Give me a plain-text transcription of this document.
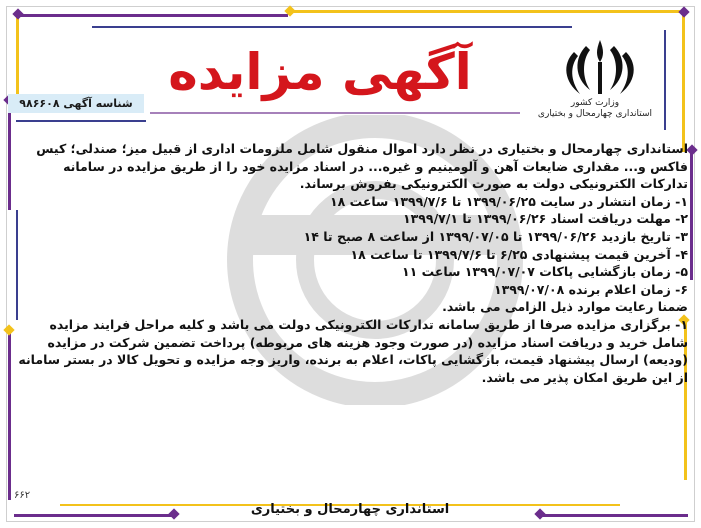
آگهی مزایده
وزارت کشور
استانداری چهارمحال و بختیاری
شناسه آگهی ۹۸۶۶۰۸

استانداری چهارمحال و بختیاری در نظر دارد اموال منقول شامل ملزومات اداری از قبیل میز؛ صندلی؛ کیس فاکس و... مقداری ضایعات آهن و آلومینیم و غیره... در اسناد مزایده خود را از طریق مزایده در سامانه تدارکات الکترونیکی دولت به صورت الکترونیکی بفروش برساند.

۱- زمان انتشار در سایت ۱۳۹۹/۰۶/۲۵ تا ۱۳۹۹/۷/۶ ساعت ۱۸

۲- مهلت دریافت اسناد ۱۳۹۹/۰۶/۲۶ تا ۱۳۹۹/۷/۱

۳- تاریخ بازدید ۱۳۹۹/۰۶/۲۶ تا ۱۳۹۹/۰۷/۰۵ از ساعت ۸ صبح تا ۱۴

۴- آخرین قیمت پیشنهادی ۶/۲۵ تا ۱۳۹۹/۷/۶ تا ساعت ۱۸

۵- زمان بازگشایی پاکات ۱۳۹۹/۰۷/۰۷ ساعت ۱۱

۶- زمان اعلام برنده ۱۳۹۹/۰۷/۰۸

ضمنا رعایت موارد ذیل الزامی می باشد.

۱- برگزاری مزایده صرفا از طریق سامانه تدارکات الکترونیکی دولت می باشد و کلیه مراحل فرایند مزایده شامل خرید و دریافت اسناد مزایده (در صورت وجود هزینه های مربوطه) پرداخت تضمین شرکت در مزایده (ودیعه) ارسال پیشنهاد قیمت، بازگشایی پاکات، اعلام به برنده، واریز وجه مزایده و تحویل کالا در بستر سامانه از این طریق امکان پذیر می باشد.

۶۶۲
استانداری چهارمحال و بختیاری
